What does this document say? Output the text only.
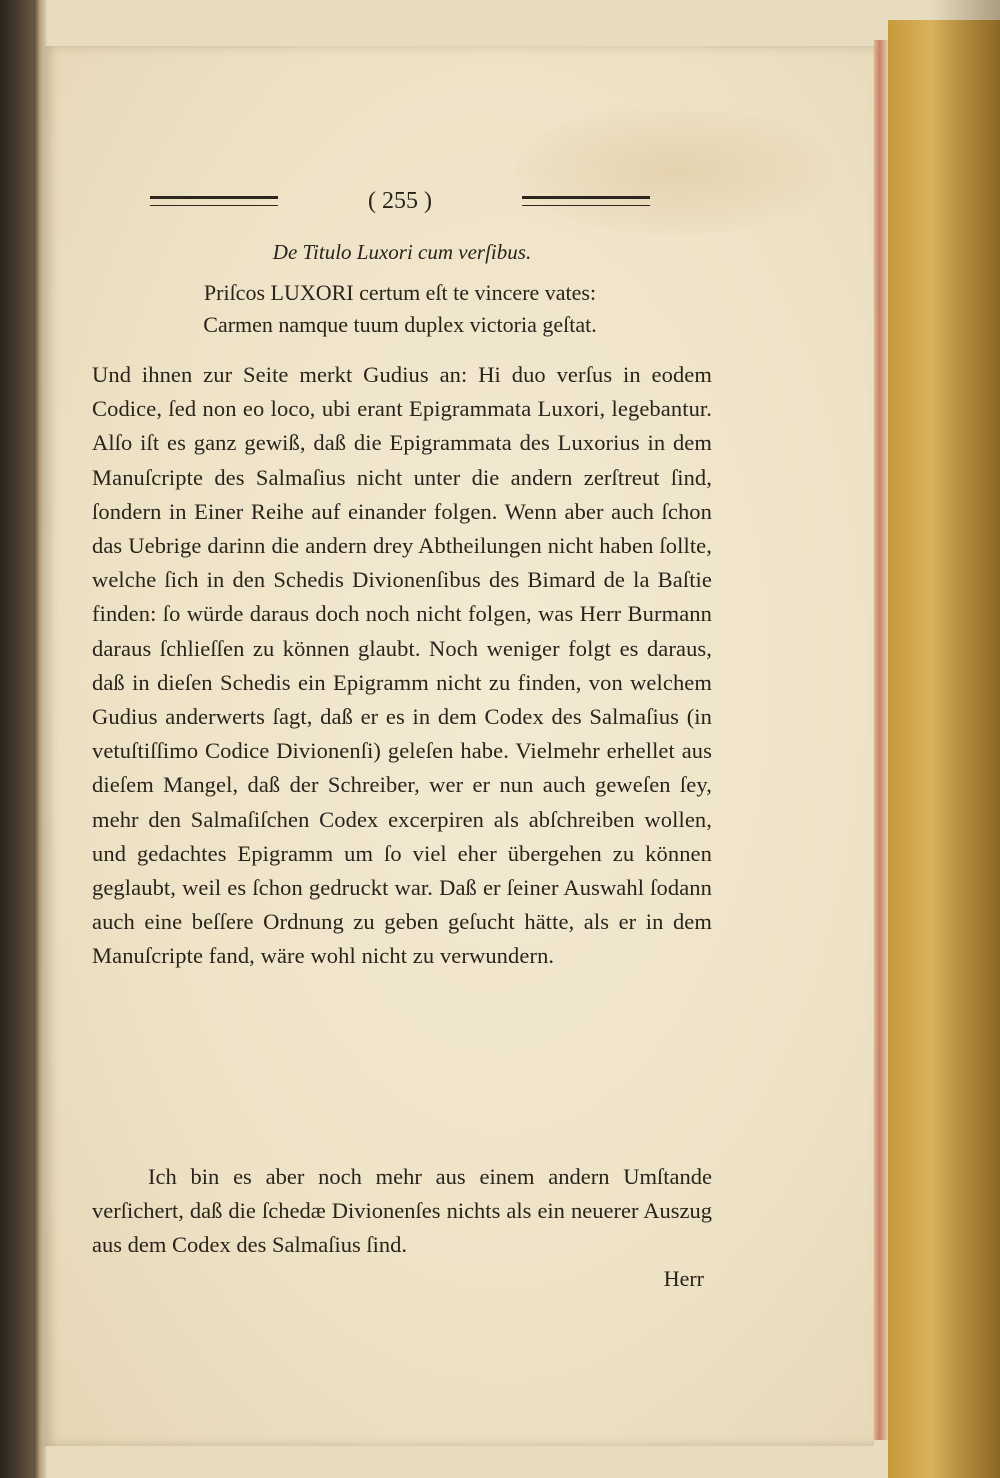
( 255 )
De Titulo Luxori cum verſibus.
Priſcos LUXORI certum eſt te vincere vates:
Carmen namque tuum duplex victoria geſtat.
Und ihnen zur Seite merkt Gudius an: Hi duo verſus in eodem Codice, ſed non eo loco, ubi erant Epigrammata Luxori, legebantur. Alſo iſt es ganz gewiß, daß die Epigrammata des Luxorius in dem Manuſcripte des Salmaſius nicht unter die andern zerſtreut ſind, ſondern in Einer Reihe auf einander folgen. Wenn aber auch ſchon das Uebrige darinn die andern drey Abtheilungen nicht haben ſollte, welche ſich in den Schedis Divionenſibus des Bimard de la Baſtie finden: ſo würde daraus doch noch nicht folgen, was Herr Burmann daraus ſchlieſſen zu können glaubt. Noch weniger folgt es daraus, daß in dieſen Schedis ein Epigramm nicht zu finden, von welchem Gudius anderwerts ſagt, daß er es in dem Codex des Salmaſius (in vetuſtiſſimo Codice Divionenſi) geleſen habe. Vielmehr erhellet aus dieſem Mangel, daß der Schreiber, wer er nun auch geweſen ſey, mehr den Salmaſiſchen Codex excerpiren als abſchreiben wollen, und gedachtes Epigramm um ſo viel eher übergehen zu können geglaubt, weil es ſchon gedruckt war. Daß er ſeiner Auswahl ſodann auch eine beſſere Ordnung zu geben geſucht hätte, als er in dem Manuſcripte fand, wäre wohl nicht zu verwundern.
Ich bin es aber noch mehr aus einem andern Umſtande verſichert, daß die ſchedæ Divionenſes nichts als ein neuerer Auszug aus dem Codex des Salmaſius ſind.
Herr
